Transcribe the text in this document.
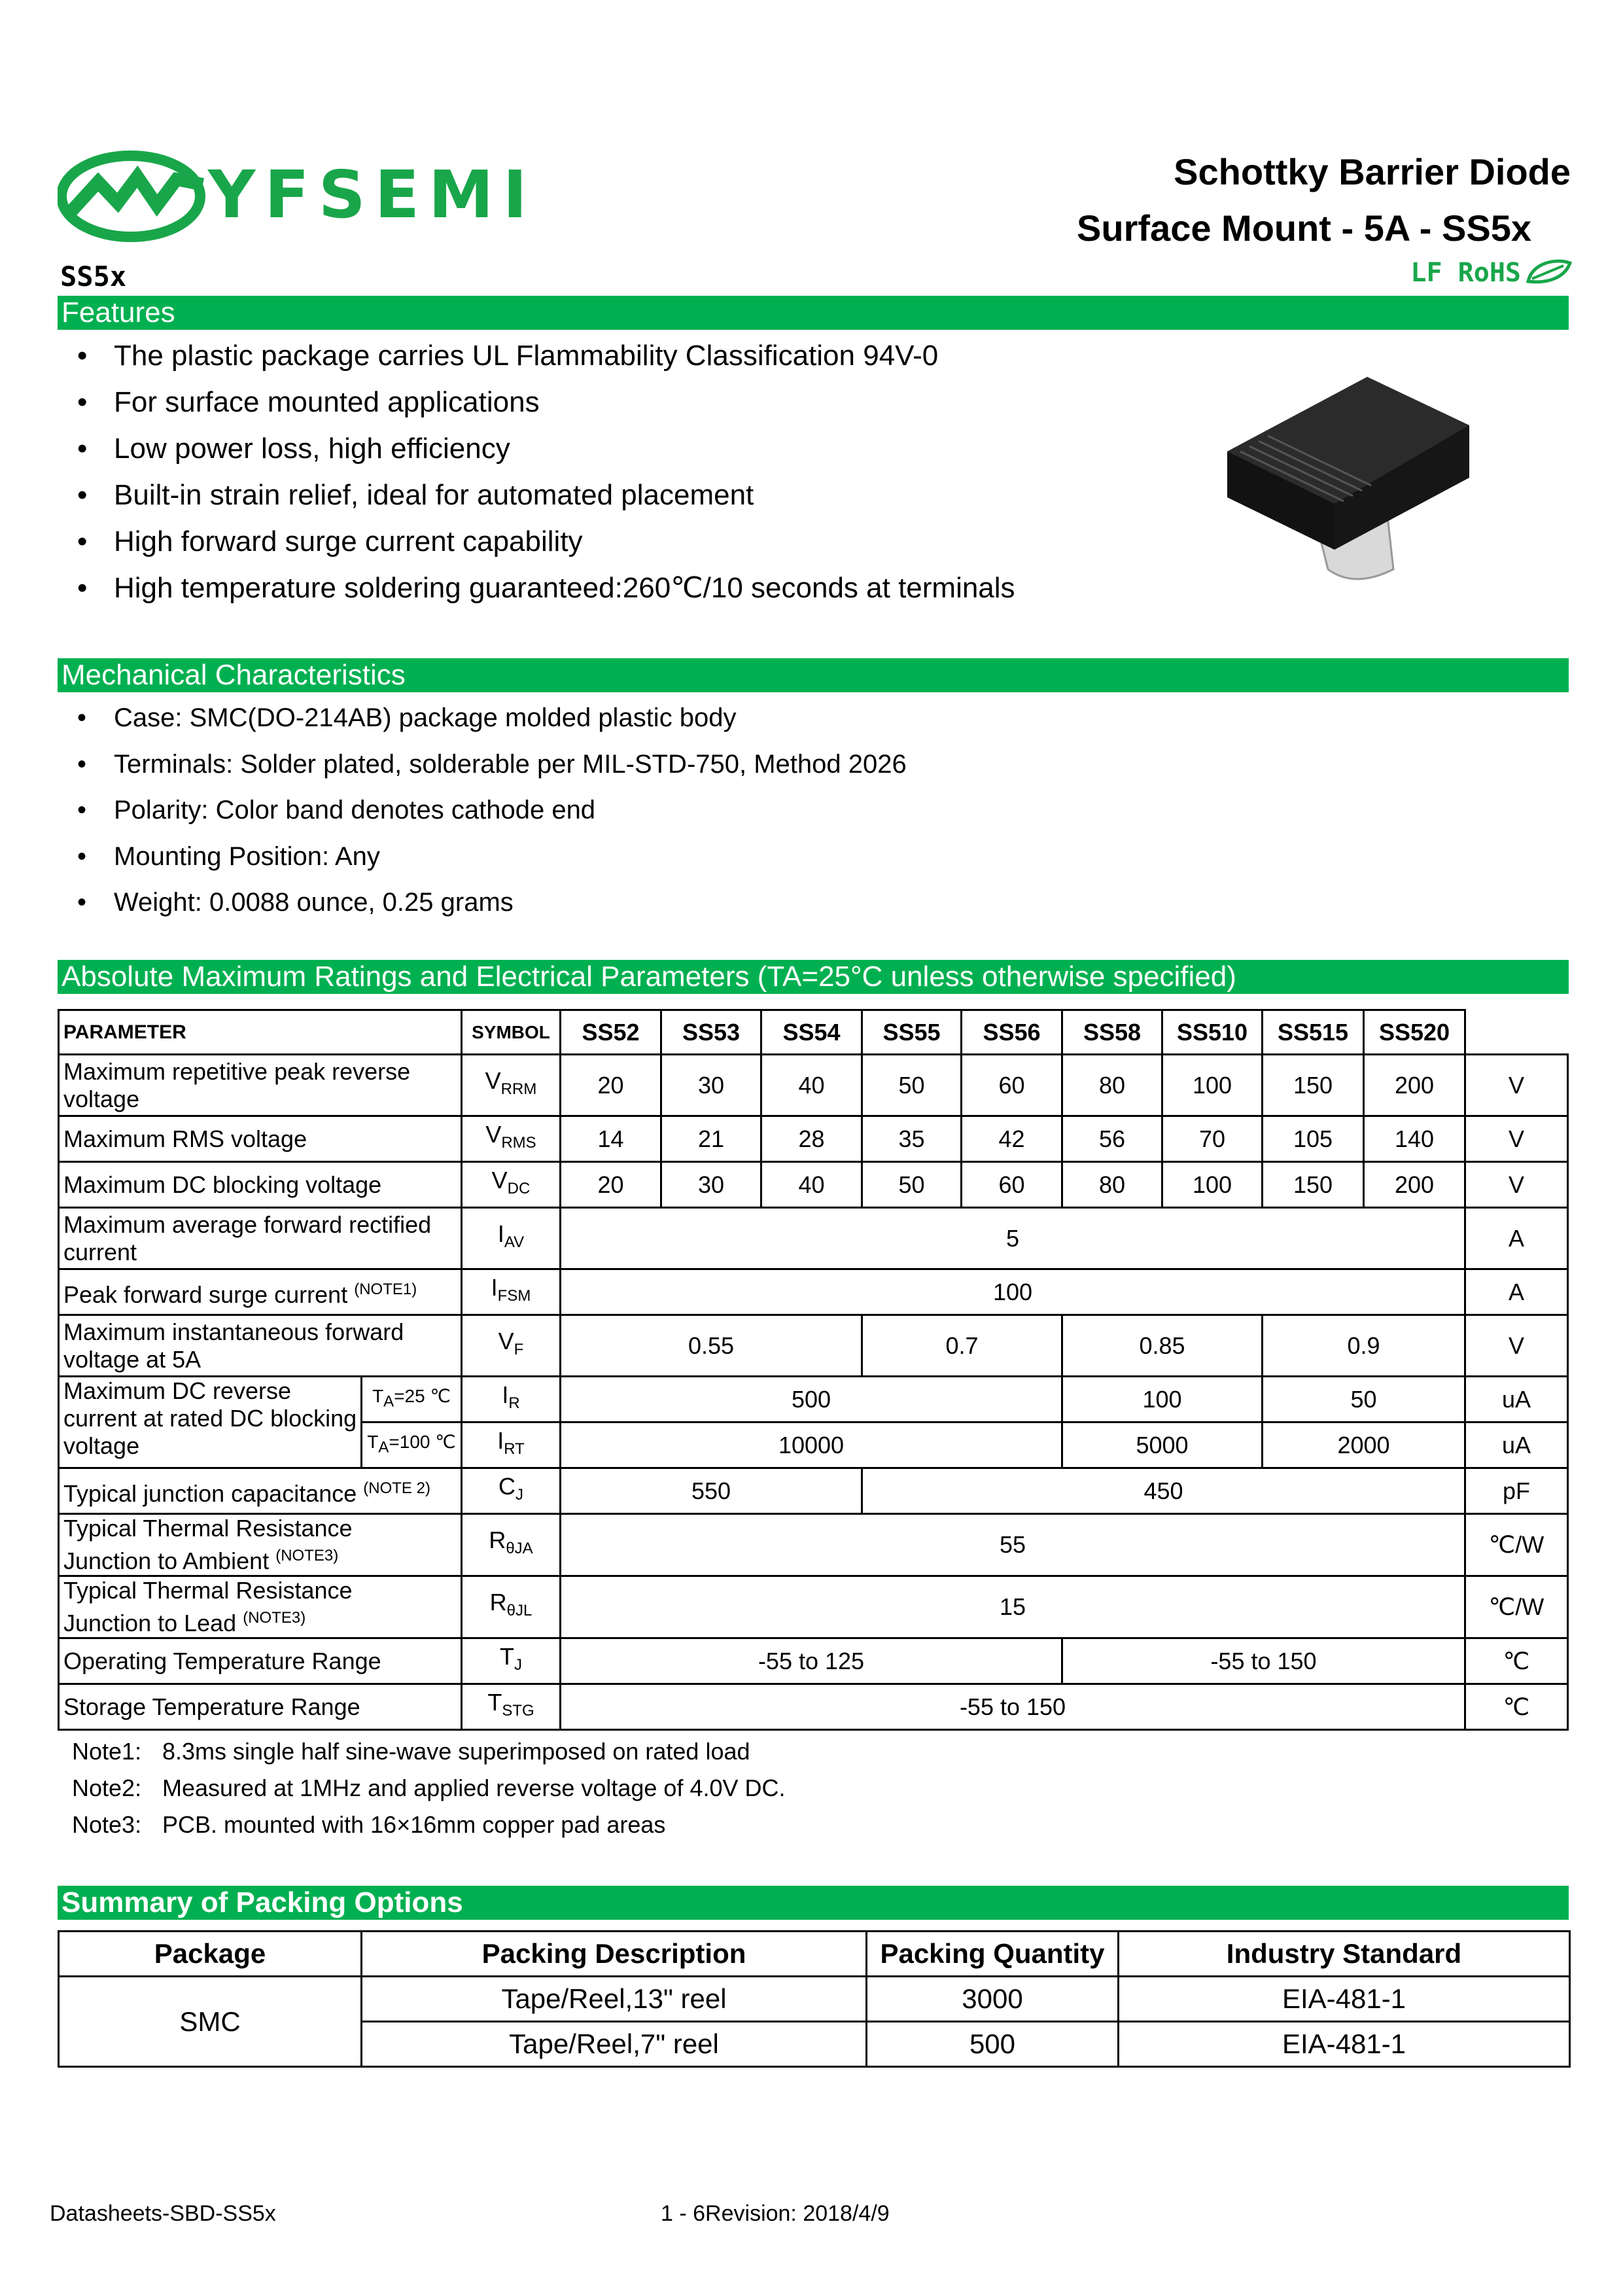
YFSEMI	Schottky Barrier Diode
Surface Mount - 5A - SS5x
SS5x	LF RoHS
Features
• The plastic package carries UL Flammability Classification 94V-0
• For surface mounted applications
• Low power loss, high efficiency
• Built-in strain relief, ideal for automated placement
• High forward surge current capability
• High temperature soldering guaranteed:260℃/10 seconds at terminals
Mechanical Characteristics
• Case: SMC(DO-214AB) package molded plastic body
• Terminals: Solder plated, solderable per MIL-STD-750, Method 2026
• Polarity: Color band denotes cathode end
• Mounting Position: Any
• Weight: 0.0088 ounce, 0.25 grams
Absolute Maximum Ratings and Electrical Parameters (TA=25°C unless otherwise specified)
PARAMETER		SYMBOL	SS52	SS53	SS54	SS55	SS56	SS58	SS510	SS515	SS520	
Maximum repetitive peak reverse voltage		$V_{RRM}$	20	30	40	50	60	80	100	150	200	V
Maximum RMS voltage		$V_{RMS}$	14	21	28	35	42	56	70	105	140	V
Maximum DC blocking voltage		$V_{DC}$	20	30	40	50	60	80	100	150	200	V
Maximum average forward rectified current		$I_{AV}$	5									A
Peak forward surge current $^{(NOTE1)}$		$I_{FSM}$	100									A
Maximum instantaneous forward voltage at 5A		$V_F$	0.55			0.7		0.85		0.9		V
Maximum DC reverse current at rated DC blocking voltage	$T_A=25$ ℃	$I_R$	500					100		50		uA
	$T_A=100$ ℃	$I_{RT}$	10000					5000		2000		uA
Typical junction capacitance $^{(NOTE 2)}$		$C_J$	550			450						pF
Typical Thermal Resistance
Junction to Ambient $^{(NOTE3)}$		$R_{\theta JA}$	55									℃/W
Typical Thermal Resistance
Junction to Lead $^{(NOTE3)}$		$R_{\theta JL}$	15									℃/W
Operating Temperature Range		$T_J$	-55 to 125					-55 to 150				℃
Storage Temperature Range		$T_{STG}$	-55 to 150									℃
Note1: 8.3ms single half sine-wave superimposed on rated load
Note2: Measured at 1MHz and applied reverse voltage of 4.0V DC.
Note3: PCB. mounted with 16×16mm copper pad areas
Summary of Packing Options
Package	Packing Description	Packing Quantity	Industry Standard
SMC	Tape/Reel,13" reel	3000	EIA-481-1
	Tape/Reel,7" reel	500	EIA-481-1
Datasheets-SBD-SS5x	1 - 6Revision: 2018/4/9
